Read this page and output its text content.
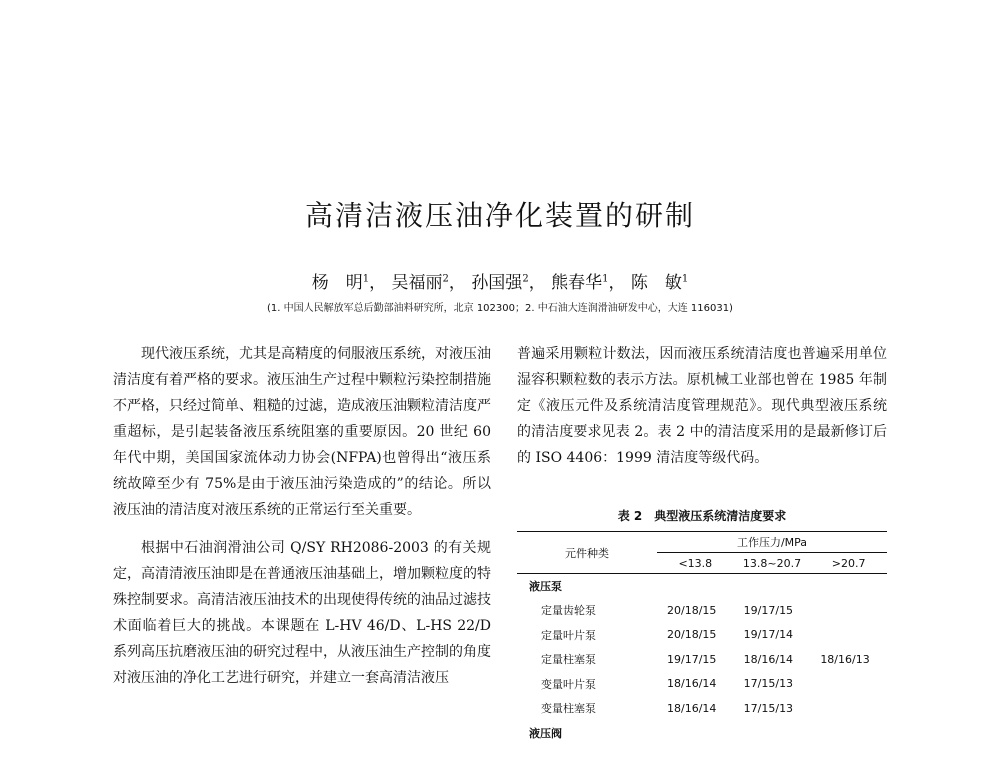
高清洁液压油净化装置的研制
杨　明$^1$， 吴福丽$^2$， 孙国强$^2$， 熊春华$^1$， 陈　敏$^1$
(1. 中国人民解放军总后勤部油料研究所，北京 102300；2. 中石油大连润滑油研发中心，大连 116031)

现代液压系统，尤其是高精度的伺服液压系统，对液压油清洁度有着严格的要求。液压油生产过程中颗粒污染控制措施不严格，只经过简单、粗糙的过滤，造成液压油颗粒清洁度严重超标，是引起装备液压系统阻塞的重要原因。20 世纪 60 年代中期，美国国家流体动力协会(NFPA)也曾得出“液压系统故障至少有 75%是由于液压油污染造成的”的结论。所以液压油的清洁度对液压系统的正常运行至关重要。

根据中石油润滑油公司 Q/SY RH2086-2003 的有关规定，高清清液压油即是在普通液压油基础上，增加颗粒度的特殊控制要求。高清洁液压油技术的出现使得传统的油品过滤技术面临着巨大的挑战。本课题在 L-HV 46/D、L-HS 22/D 系列高压抗磨液压油的研究过程中，从液压油生产控制的角度对液压油的净化工艺进行研究，并建立一套高清洁液压

普遍采用颗粒计数法，因而液压系统清洁度也普遍采用单位湿容积颗粒数的表示方法。原机械工业部也曾在 1985 年制定《液压元件及系统清洁度管理规范》。现代典型液压系统的清洁度要求见表 2。表 2 中的清洁度采用的是最新修订后的 ISO 4406：1999 清洁度等级代码。

表 2　典型液压系统清洁度要求
元件种类	工作压力/MPa		
	<13.8	13.8~20.7	>20.7
液压泵			
定量齿轮泵	20/18/15	19/17/15	
定量叶片泵	20/18/15	19/17/14	
定量柱塞泵	19/17/15	18/16/14	18/16/13
变量叶片泵	18/16/14	17/15/13	
变量柱塞泵	18/16/14	17/15/13	
液压阀			
